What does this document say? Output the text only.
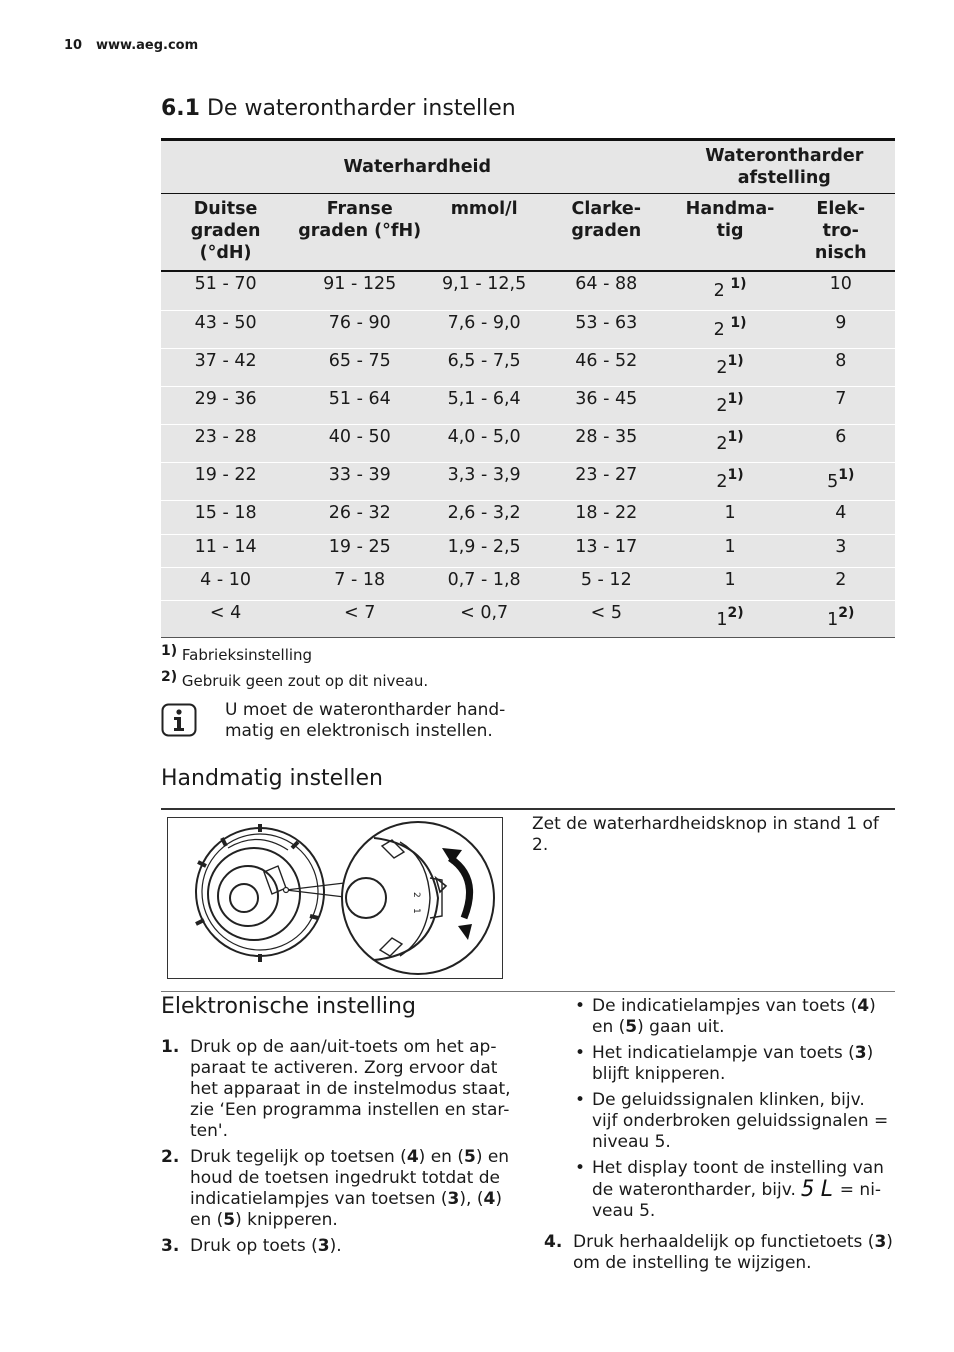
10 www.aeg.com
6.1 De waterontharder instellen
Waterhardheid				Waterontharder afstelling	
Duitse graden (°dH)	Franse graden (°fH)	mmol/l	Clarke-graden	Handma-tig	Elek-tro-nisch
51 - 70	91 - 125	9,1 - 12,5	64 - 88	2 $^{1)}$	10
43 - 50	76 - 90	7,6 - 9,0	53 - 63	2 $^{1)}$	9
37 - 42	65 - 75	6,5 - 7,5	46 - 52	2$^{1)}$	8
29 - 36	51 - 64	5,1 - 6,4	36 - 45	2$^{1)}$	7
23 - 28	40 - 50	4,0 - 5,0	28 - 35	2$^{1)}$	6
19 - 22	33 - 39	3,3 - 3,9	23 - 27	2$^{1)}$	5$^{1)}$
15 - 18	26 - 32	2,6 - 3,2	18 - 22	1	4
11 - 14	19 - 25	1,9 - 2,5	13 - 17	1	3
4 - 10	7 - 18	0,7 - 1,8	5 - 12	1	2
< 4	< 7	< 0,7	< 5	1$^{2)}$	1$^{2)}$
1) Fabrieksinstelling
2) Gebruik geen zout op dit niveau.
U moet de waterontharder hand-
matig en elektronisch instellen.
Handmatig instellen
2
1
Zet de waterhardheidsknop in stand 1 of 2.
Elektronische instelling
1. Druk op de aan/uit-toets om het ap-paraat te activeren. Zorg ervoor dat het apparaat in de instelmodus staat, zie ‘Een programma instellen en star-ten'.
2. Druk tegelijk op toetsen (4) en (5) en houd de toetsen ingedrukt totdat de indicatielampjes van toetsen (3), (4) en (5) knipperen.
3. Druk op toets (3).
• De indicatielampjes van toets (4) en (5) gaan uit.
• Het indicatielampje van toets (3) blijft knipperen.
• De geluidssignalen klinken, bijv. vijf onderbroken geluidssignalen = niveau 5.
• Het display toont de instelling van de waterontharder, bijv. 5L= ni-veau 5.
4. Druk herhaaldelijk op functietoets (3) om de instelling te wijzigen.
